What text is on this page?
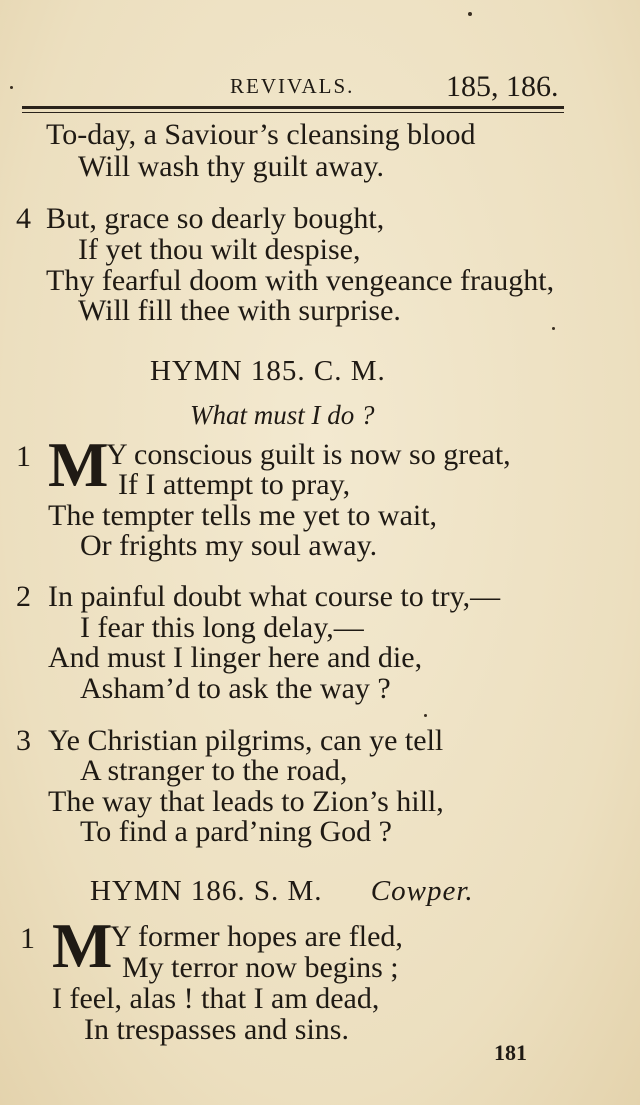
REVIVALS.	185, 186.
To-day, a Saviour’s cleansing blood
Will wash thy guilt away.
4 But, grace so dearly bought,
If yet thou wilt despise,
Thy fearful doom with vengeance fraught,
Will fill thee with surprise.
HYMN 185. C. M.
What must I do ?
1 M
Y conscious guilt is now so great,
If I attempt to pray,
The tempter tells me yet to wait,
Or frights my soul away.
2 In painful doubt what course to try,—
I fear this long delay,—
And must I linger here and die,
Asham’d to ask the way ?
3 Ye Christian pilgrims, can ye tell
A stranger to the road,
The way that leads to Zion’s hill,
To find a pard’ning God ?
HYMN 186. S. M. Cowper.
1 M
Y former hopes are fled,
My terror now begins ;
I feel, alas ! that I am dead,
In trespasses and sins.
181
